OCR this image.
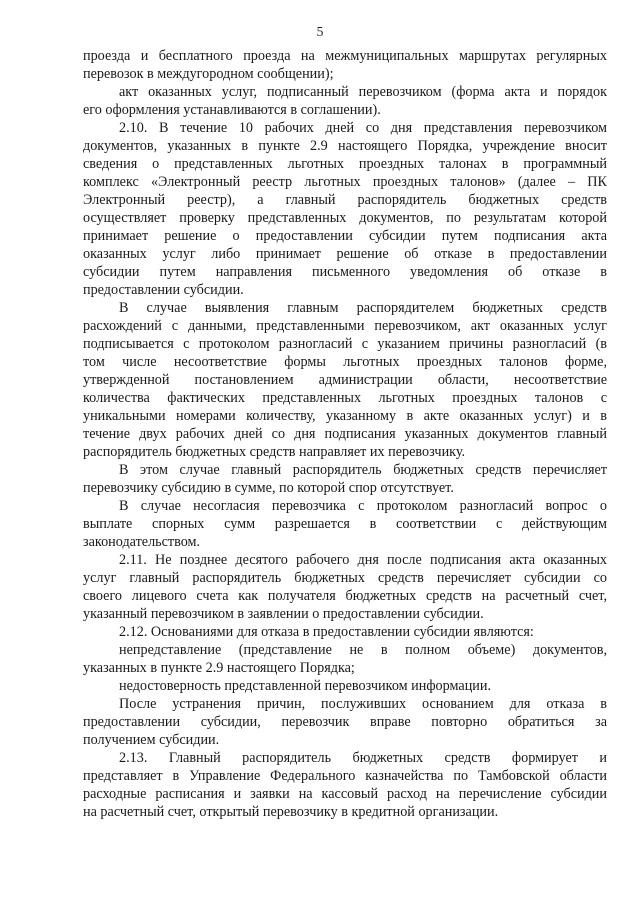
5
проезда и бесплатного проезда на межмуниципальных маршрутах регулярных
перевозок в междугородном сообщении);
акт оказанных услуг, подписанный перевозчиком (форма акта и порядок
его оформления устанавливаются в соглашении).
2.10. В течение 10 рабочих дней со дня представления перевозчиком
документов, указанных в пункте 2.9 настоящего Порядка, учреждение вносит
сведения о представленных льготных проездных талонах в программный
комплекс «Электронный реестр льготных проездных талонов» (далее – ПК
Электронный реестр), а главный распорядитель бюджетных средств
осуществляет проверку представленных документов, по результатам которой
принимает решение о предоставлении субсидии путем подписания акта
оказанных услуг либо принимает решение об отказе в предоставлении
субсидии путем направления письменного уведомления об отказе в
предоставлении субсидии.
В случае выявления главным распорядителем бюджетных средств
расхождений с данными, представленными перевозчиком, акт оказанных услуг
подписывается с протоколом разногласий с указанием причины разногласий (в
том числе несоответствие формы льготных проездных талонов форме,
утвержденной постановлением администрации области, несоответствие
количества фактических представленных льготных проездных талонов с
уникальными номерами количеству, указанному в акте оказанных услуг) и в
течение двух рабочих дней со дня подписания указанных документов главный
распорядитель бюджетных средств направляет их перевозчику.
В этом случае главный распорядитель бюджетных средств перечисляет
перевозчику субсидию в сумме, по которой спор отсутствует.
В случае несогласия перевозчика с протоколом разногласий вопрос о
выплате спорных сумм разрешается в соответствии с действующим
законодательством.
2.11. Не позднее десятого рабочего дня после подписания акта оказанных
услуг главный распорядитель бюджетных средств перечисляет субсидии со
своего лицевого счета как получателя бюджетных средств на расчетный счет,
указанный перевозчиком в заявлении о предоставлении субсидии.
2.12. Основаниями для отказа в предоставлении субсидии являются:
непредставление (представление не в полном объеме) документов,
указанных в пункте 2.9 настоящего Порядка;
недостоверность представленной перевозчиком информации.
После устранения причин, послуживших основанием для отказа в
предоставлении субсидии, перевозчик вправе повторно обратиться за
получением субсидии.
2.13. Главный распорядитель бюджетных средств формирует и
представляет в Управление Федерального казначейства по Тамбовской области
расходные расписания и заявки на кассовый расход на перечисление субсидии
на расчетный счет, открытый перевозчику в кредитной организации.
